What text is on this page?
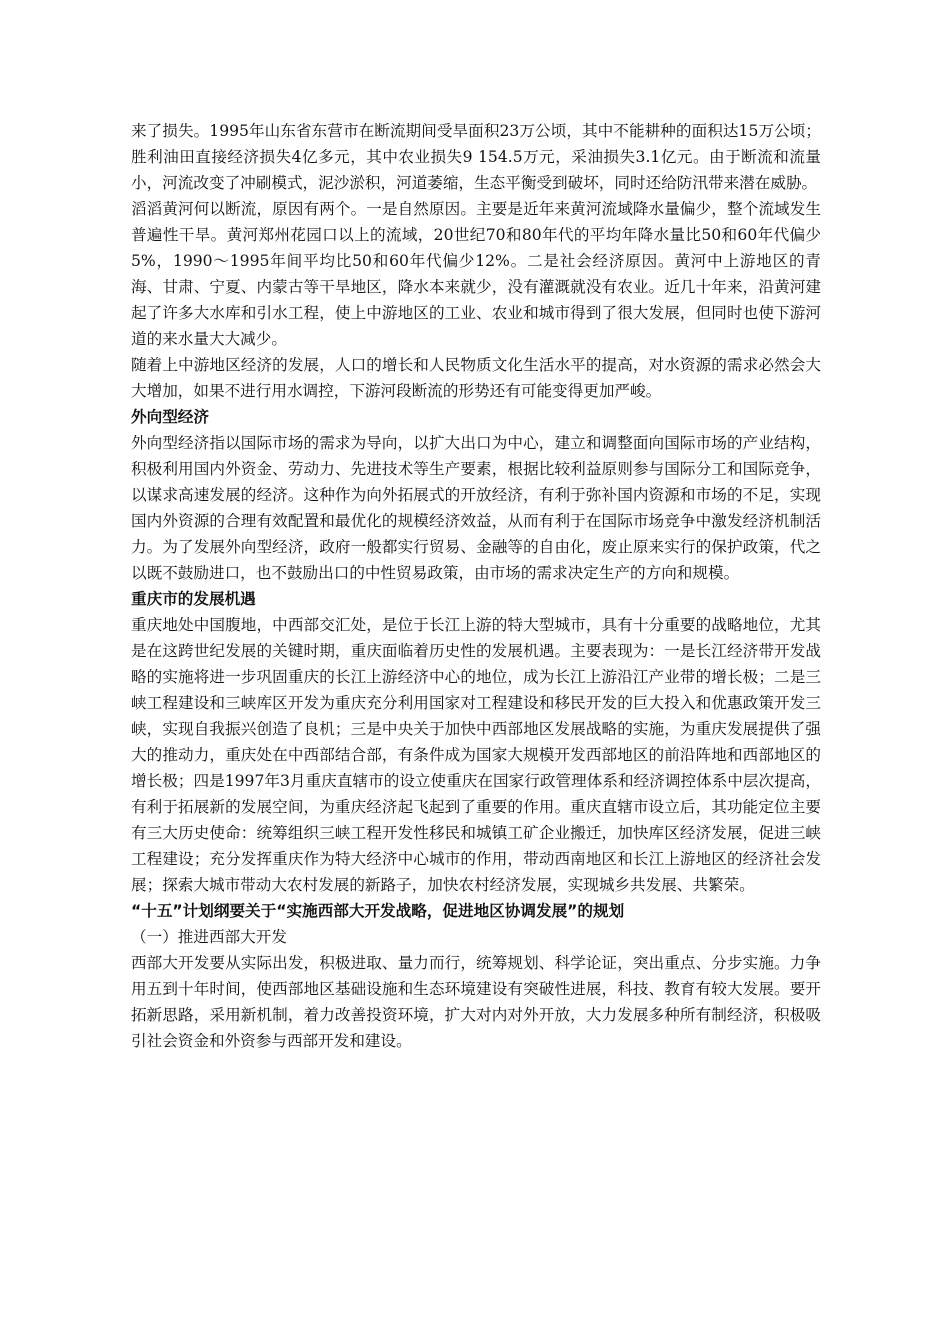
来了损失。1995年山东省东营市在断流期间受旱面积23万公顷，其中不能耕种的面积达15万公顷；胜利油田直接经济损失4亿多元，其中农业损失9 154.5万元，采油损失3.1亿元。由于断流和流量小，河流改变了冲刷模式，泥沙淤积，河道萎缩，生态平衡受到破坏，同时还给防汛带来潜在威胁。

滔滔黄河何以断流，原因有两个。一是自然原因。主要是近年来黄河流域降水量偏少，整个流域发生普遍性干旱。黄河郑州花园口以上的流域，20世纪70和80年代的平均年降水量比50和60年代偏少5%，1990～1995年间平均比50和60年代偏少12%。二是社会经济原因。黄河中上游地区的青海、甘肃、宁夏、内蒙古等干旱地区，降水本来就少，没有灌溉就没有农业。近几十年来，沿黄河建起了许多大水库和引水工程，使上中游地区的工业、农业和城市得到了很大发展，但同时也使下游河道的来水量大大减少。

随着上中游地区经济的发展，人口的增长和人民物质文化生活水平的提高，对水资源的需求必然会大大增加，如果不进行用水调控，下游河段断流的形势还有可能变得更加严峻。

外向型经济

外向型经济指以国际市场的需求为导向，以扩大出口为中心，建立和调整面向国际市场的产业结构，积极利用国内外资金、劳动力、先进技术等生产要素，根据比较利益原则参与国际分工和国际竞争，以谋求高速发展的经济。这种作为向外拓展式的开放经济，有利于弥补国内资源和市场的不足，实现国内外资源的合理有效配置和最优化的规模经济效益，从而有利于在国际市场竞争中激发经济机制活力。为了发展外向型经济，政府一般都实行贸易、金融等的自由化，废止原来实行的保护政策，代之以既不鼓励进口，也不鼓励出口的中性贸易政策，由市场的需求决定生产的方向和规模。

重庆市的发展机遇

重庆地处中国腹地，中西部交汇处，是位于长江上游的特大型城市，具有十分重要的战略地位，尤其是在这跨世纪发展的关键时期，重庆面临着历史性的发展机遇。主要表现为：一是长江经济带开发战略的实施将进一步巩固重庆的长江上游经济中心的地位，成为长江上游沿江产业带的增长极；二是三峡工程建设和三峡库区开发为重庆充分利用国家对工程建设和移民开发的巨大投入和优惠政策开发三峡，实现自我振兴创造了良机；三是中央关于加快中西部地区发展战略的实施，为重庆发展提供了强大的推动力，重庆处在中西部结合部，有条件成为国家大规模开发西部地区的前沿阵地和西部地区的增长极；四是1997年3月重庆直辖市的设立使重庆在国家行政管理体系和经济调控体系中层次提高，有利于拓展新的发展空间，为重庆经济起飞起到了重要的作用。重庆直辖市设立后，其功能定位主要有三大历史使命：统筹组织三峡工程开发性移民和城镇工矿企业搬迁，加快库区经济发展，促进三峡工程建设；充分发挥重庆作为特大经济中心城市的作用，带动西南地区和长江上游地区的经济社会发展；探索大城市带动大农村发展的新路子，加快农村经济发展，实现城乡共发展、共繁荣。

“十五”计划纲要关于“实施西部大开发战略，促进地区协调发展”的规划

（一）推进西部大开发

西部大开发要从实际出发，积极进取、量力而行，统筹规划、科学论证，突出重点、分步实施。力争用五到十年时间，使西部地区基础设施和生态环境建设有突破性进展，科技、教育有较大发展。要开拓新思路，采用新机制，着力改善投资环境，扩大对内对外开放，大力发展多种所有制经济，积极吸引社会资金和外资参与西部开发和建设。
